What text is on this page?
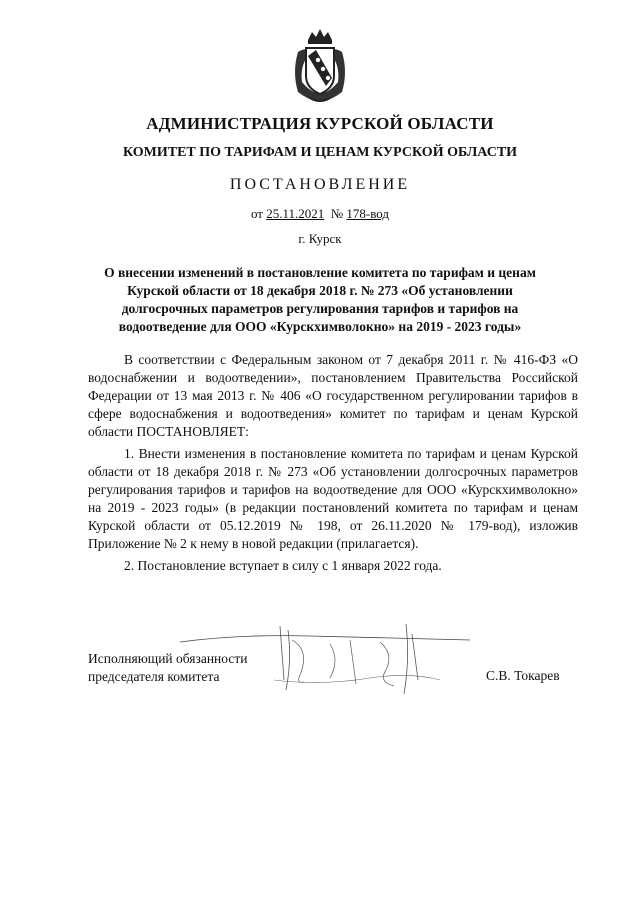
АДМИНИСТРАЦИЯ КУРСКОЙ ОБЛАСТИ
КОМИТЕТ ПО ТАРИФАМ И ЦЕНАМ КУРСКОЙ ОБЛАСТИ
ПОСТАНОВЛЕНИЕ
от 25.11.2021 № 178-вод
г. Курск
О внесении изменений в постановление комитета по тарифам и ценам Курской области от 18 декабря 2018 г. № 273 «Об установлении долгосрочных параметров регулирования тарифов и тарифов на водоотведение для ООО «Курскхимволокно» на 2019 - 2023 годы»

В соответствии с Федеральным законом от 7 декабря 2011 г. № 416-ФЗ «О водоснабжении и водоотведении», постановлением Правительства Российской Федерации от 13 мая 2013 г. № 406 «О государственном регулировании тарифов в сфере водоснабжения и водоотведения» комитет по тарифам и ценам Курской области ПОСТАНОВЛЯЕТ:

1. Внести изменения в постановление комитета по тарифам и ценам Курской области от 18 декабря 2018 г. № 273 «Об установлении долгосрочных параметров регулирования тарифов и тарифов на водоотведение для ООО «Курскхимволокно» на 2019 - 2023 годы» (в редакции постановлений комитета по тарифам и ценам Курской области от 05.12.2019 № 198, от 26.11.2020 № 179-вод), изложив Приложение № 2 к нему в новой редакции (прилагается).

2. Постановление вступает в силу с 1 января 2022 года.

Исполняющий обязанности
председателя комитета	С.В. Токарев
